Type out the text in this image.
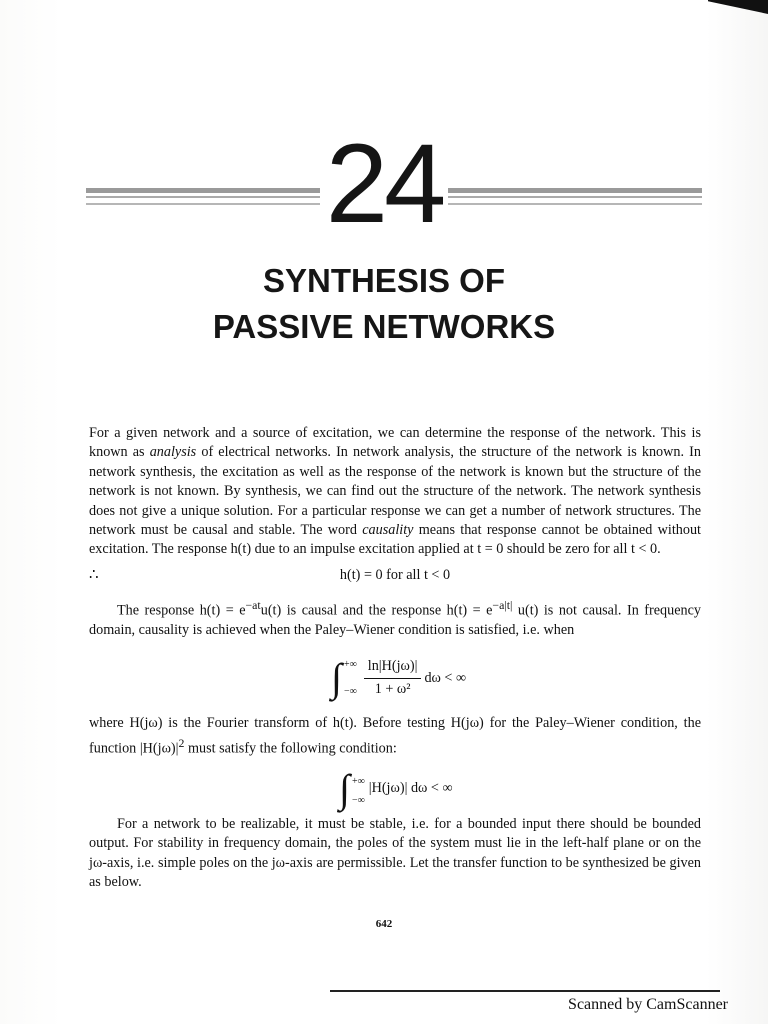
24
SYNTHESIS OF
PASSIVE NETWORKS

For a given network and a source of excitation, we can determine the response of the network. This is known as analysis of electrical networks. In network analysis, the structure of the network is known. In network synthesis, the excitation as well as the response of the network is known but the structure of the network is not known. By synthesis, we can find out the structure of the network. The network synthesis does not give a unique solution. For a particular response we can get a number of network structures. The network must be causal and stable. The word causality means that response cannot be obtained without excitation. The response h(t) due to an impulse excitation applied at t = 0 should be zero for all t < 0.

∴	h(t) = 0 for all t < 0

The response $h(t) = e^{-at}u(t)$ is causal and the response $h(t) = e^{-a|t|}$ u(t) is not causal. In frequency domain, causality is achieved when the Paley–Wiener condition is satisfied, i.e. when

∫ +∞
−∞ $\frac{\ln|H(j\omega)|}{\text{1 + ω²}}$ dω < ∞

where H(jω) is the Fourier transform of h(t). Before testing H(jω) for the Paley–Wiener condition, the function $|H(j\omega)|^2$ must satisfy the following condition:

∫ +∞
−∞
|H(jω)| dω < ∞

For a network to be realizable, it must be stable, i.e. for a bounded input there should be bounded output. For stability in frequency domain, the poles of the system must lie in the left-half plane or on the jω-axis, i.e. simple poles on the jω-axis are permissible. Let the transfer function to be synthesized be given as below.

642
Scanned by CamScanner
